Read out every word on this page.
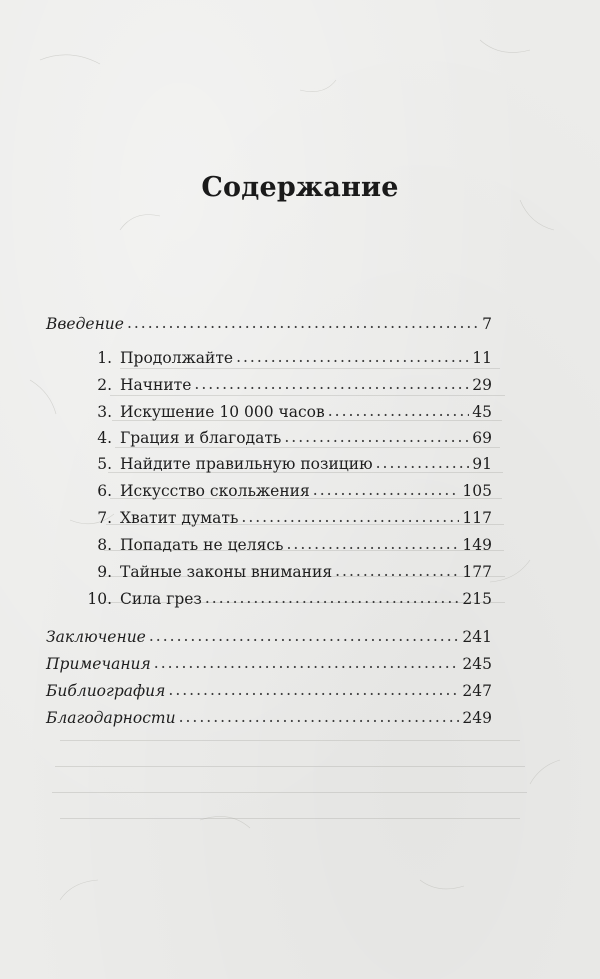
Содержание
Введение .....	7
1. Продолжайте .....	11
2. Начните .....	29
3. Искушение 10 000 часов .....	45
4. Грация и благодать .....	69
5. Найдите правильную позицию .....	91
6. Искусство скольжения .....	105
7. Хватит думать .....	117
8. Попадать не целясь .....	149
9. Тайные законы внимания .....	177
10. Сила грез .....	215
Заключение .....	241
Примечания .....	245
Библиография .....	247
Благодарности .....	249
